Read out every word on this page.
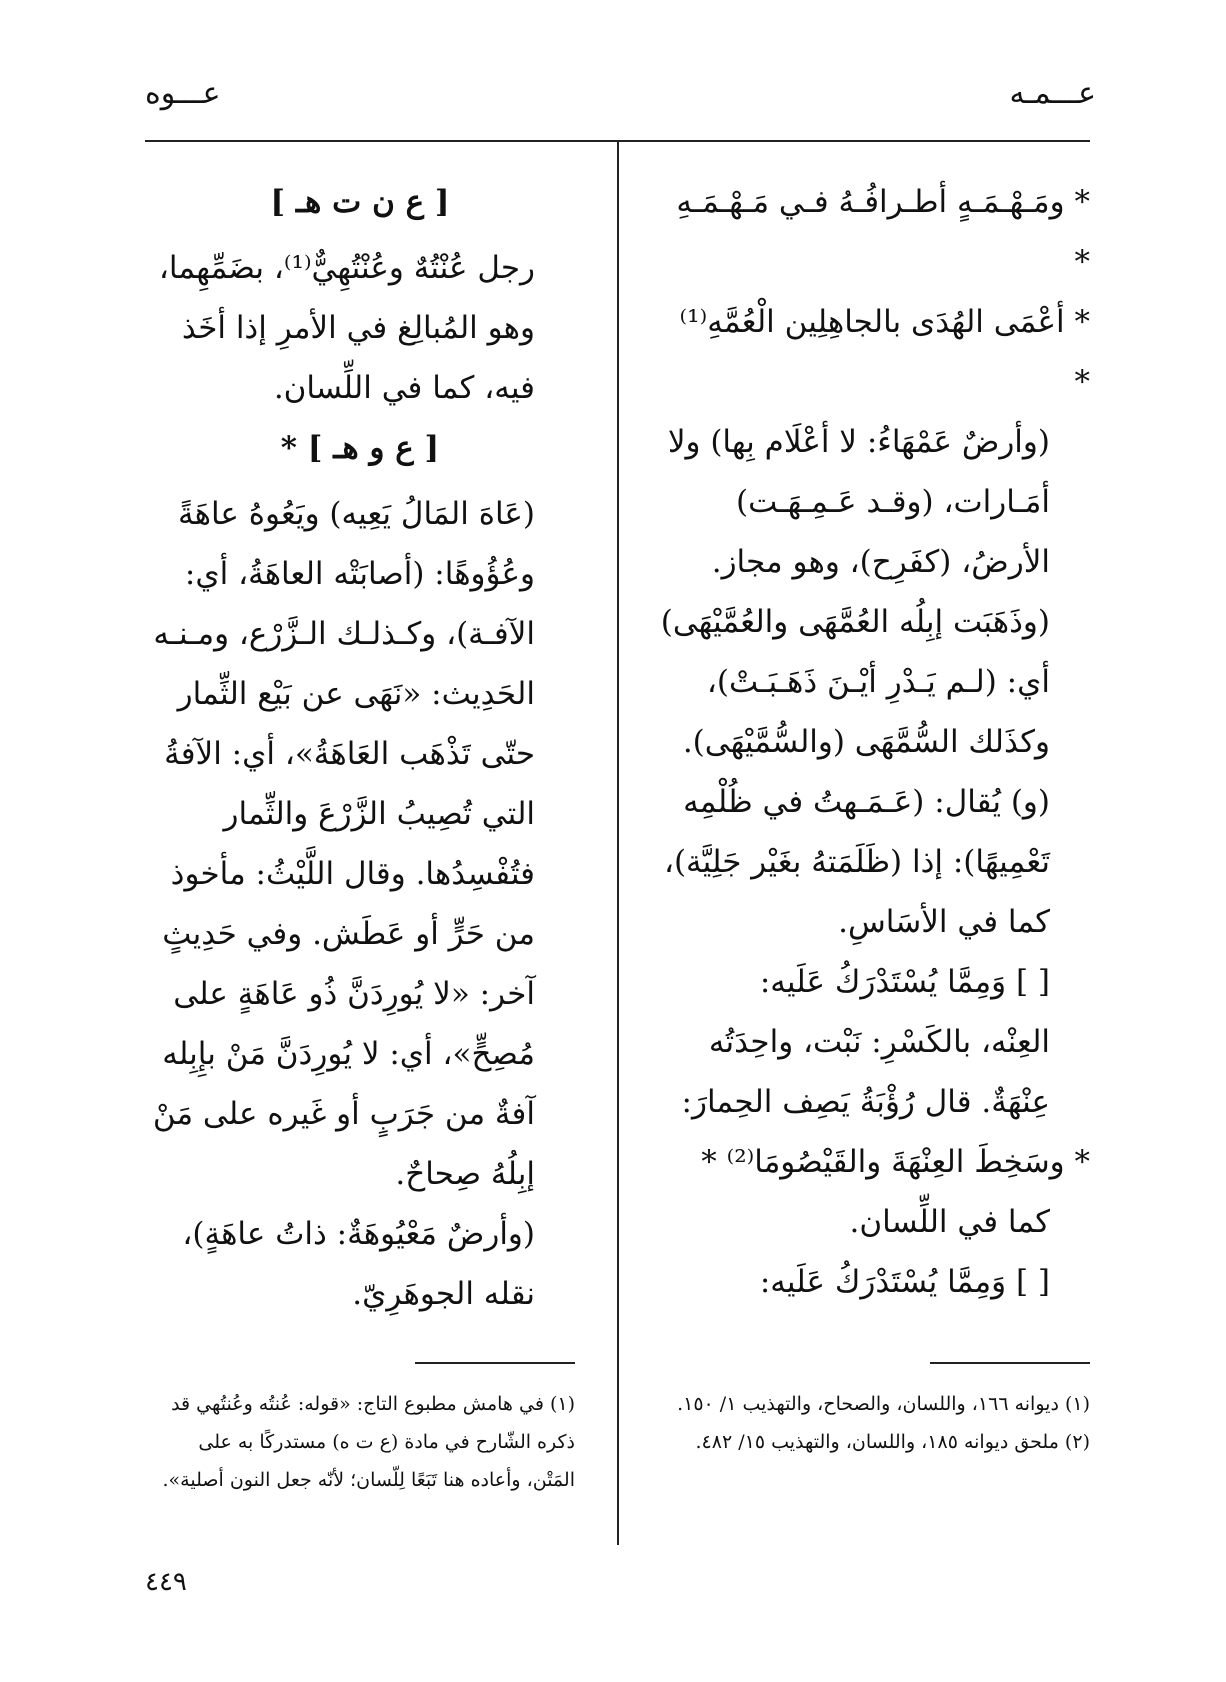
عـــمـه
عـــوه

* ومَـهْـمَـهٍ أطـرافُـهُ فـي مَـهْـمَـهِ *

* أعْمَى الهُدَى بالجاهِلِين الْعُمَّهِ⁽¹⁾ *

(وأرضٌ عَمْهَاءُ: لا أعْلَام بِها) ولا أمَـارات، (وقـد عَـمِـهَـت) الأرضُ، (كفَرِح)، وهو مجاز.

(وذَهَبَت إبِلُه العُمَّهَى والعُمَّيْهَى) أي: (لـم يَـدْرِ أيْـنَ ذَهَـبَـتْ)، وكذَلك السُّمَّهَى (والسُّمَّيْهَى).

(و) يُقال: (عَـمَـهتُ في ظُلْمِه تَعْمِيهًا): إذا (ظَلَمَتهُ بغَيْر جَلِيَّة)، كما في الأسَاسِ.

[ ] وَمِمَّا يُسْتَدْرَكُ عَلَيه:

العِنْه، بالكَسْرِ: نَبْت، واحِدَتُه عِنْهَةٌ. قال رُؤْبَةُ يَصِف الحِمارَ:

* وسَخِطَ العِنْهَةَ والقَيْصُومَا⁽²⁾ *

كما في اللِّسان.

[ ] وَمِمَّا يُسْتَدْرَكُ عَلَيه:

[ ع ن ت هـ ]

رجل عُنْتُهٌ وعُنْتُهِيٌّ⁽¹⁾، بضَمِّهِما، وهو المُبالِغ في الأمرِ إذا أخَذ فيه، كما في اللِّسان.

[ ع و هـ ] *

(عَاهَ المَالُ يَعِيه) ويَعُوهُ عاهَةً وعُؤُوهًا: (أصابَتْه العاهَةُ، أي: الآفـة)، وكـذلـك الـزَّرْع، ومـنـه الحَدِيث: «نَهَى عن بَيْع الثِّمار حتّى تَذْهَب العَاهَةُ»، أي: الآفةُ التي تُصِيبُ الزَّرْعَ والثِّمار فتُفْسِدُها. وقال اللَّيْثُ: مأخوذ من حَرٍّ أو عَطَش. وفي حَدِيثٍ آخر: «لا يُورِدَنَّ ذُو عَاهَةٍ على مُصِحٍّ»، أي: لا يُورِدَنَّ مَنْ بإِبِله آفةٌ من جَرَبٍ أو غَيره على مَنْ إبِلُهُ صِحاحٌ.

(وأرضٌ مَعْيُوهَةٌ: ذاتُ عاهَةٍ)، نقله الجوهَرِيّ.

(١) ديوانه ١٦٦، واللسان، والصحاح، والتهذيب ١/ ١٥٠.

(٢) ملحق ديوانه ١٨٥، واللسان، والتهذيب ١٥/ ٤٨٢.

(١) في هامش مطبوع التاج: «قوله: عُنتُه وعُنتُهي قد ذكره الشّارح في مادة (ع ت ه) مستدركًا به على المَتْن، وأعاده هنا تَبَعًا لِلّسان؛ لأنّه جعل النون أصلية».

٤٤٩
